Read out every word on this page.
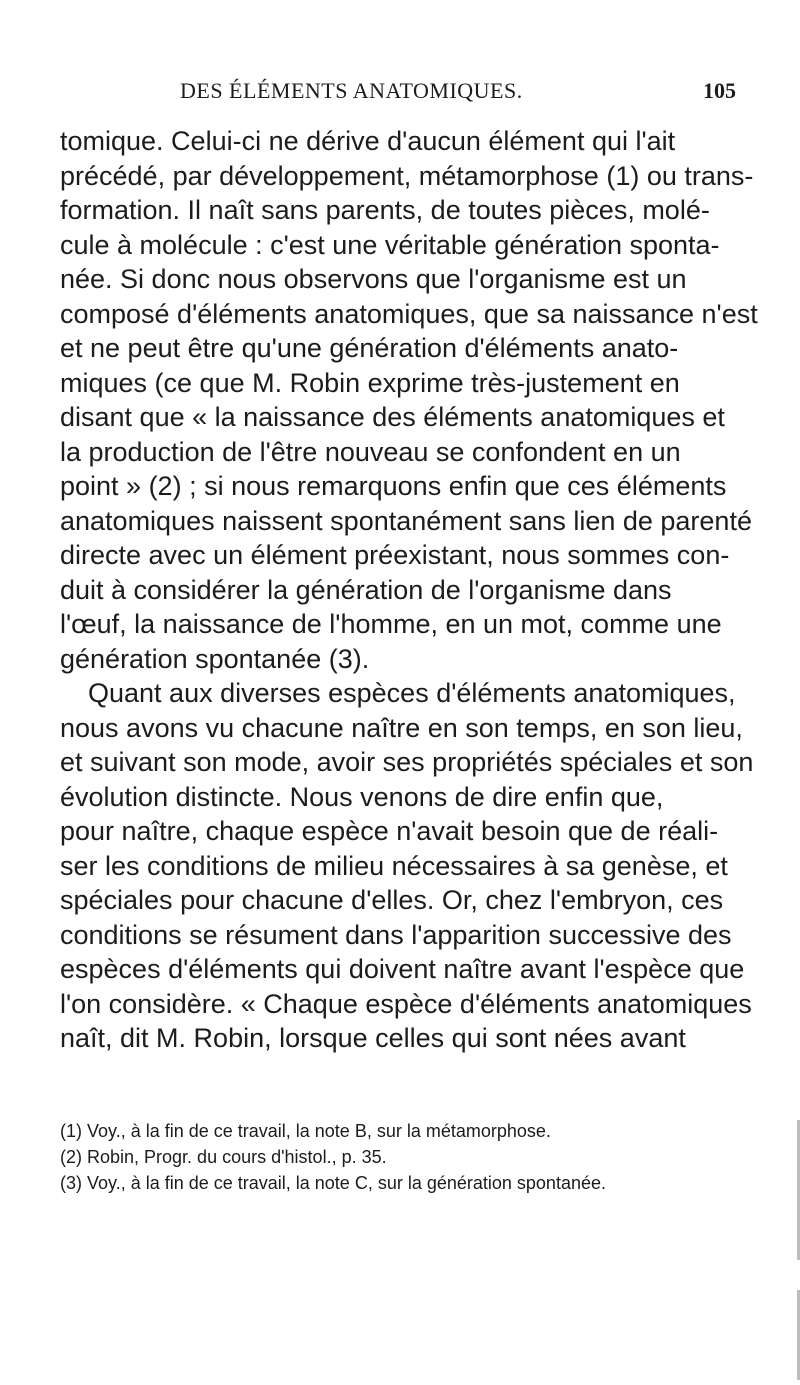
DES ÉLÉMENTS ANATOMIQUES.	105
tomique. Celui-ci ne dérive d'aucun élément qui l'ait
précédé, par développement, métamorphose (1) ou trans-
formation. Il naît sans parents, de toutes pièces, molé-
cule à molécule : c'est une véritable génération sponta-
née. Si donc nous observons que l'organisme est un
composé d'éléments anatomiques, que sa naissance n'est
et ne peut être qu'une génération d'éléments anato-
miques (ce que M. Robin exprime très-justement en
disant que « la naissance des éléments anatomiques et
la production de l'être nouveau se confondent en un
point » (2) ; si nous remarquons enfin que ces éléments
anatomiques naissent spontanément sans lien de parenté
directe avec un élément préexistant, nous sommes con-
duit à considérer la génération de l'organisme dans
l'œuf, la naissance de l'homme, en un mot, comme une
génération spontanée (3).
Quant aux diverses espèces d'éléments anatomiques,
nous avons vu chacune naître en son temps, en son lieu,
et suivant son mode, avoir ses propriétés spéciales et son
évolution distincte. Nous venons de dire enfin que,
pour naître, chaque espèce n'avait besoin que de réali-
ser les conditions de milieu nécessaires à sa genèse, et
spéciales pour chacune d'elles. Or, chez l'embryon, ces
conditions se résument dans l'apparition successive des
espèces d'éléments qui doivent naître avant l'espèce que
l'on considère. « Chaque espèce d'éléments anatomiques
naît, dit M. Robin, lorsque celles qui sont nées avant
(1) Voy., à la fin de ce travail, la note B, sur la métamorphose.
(2) Robin, Progr. du cours d'histol., p. 35.
(3) Voy., à la fin de ce travail, la note C, sur la génération spontanée.
